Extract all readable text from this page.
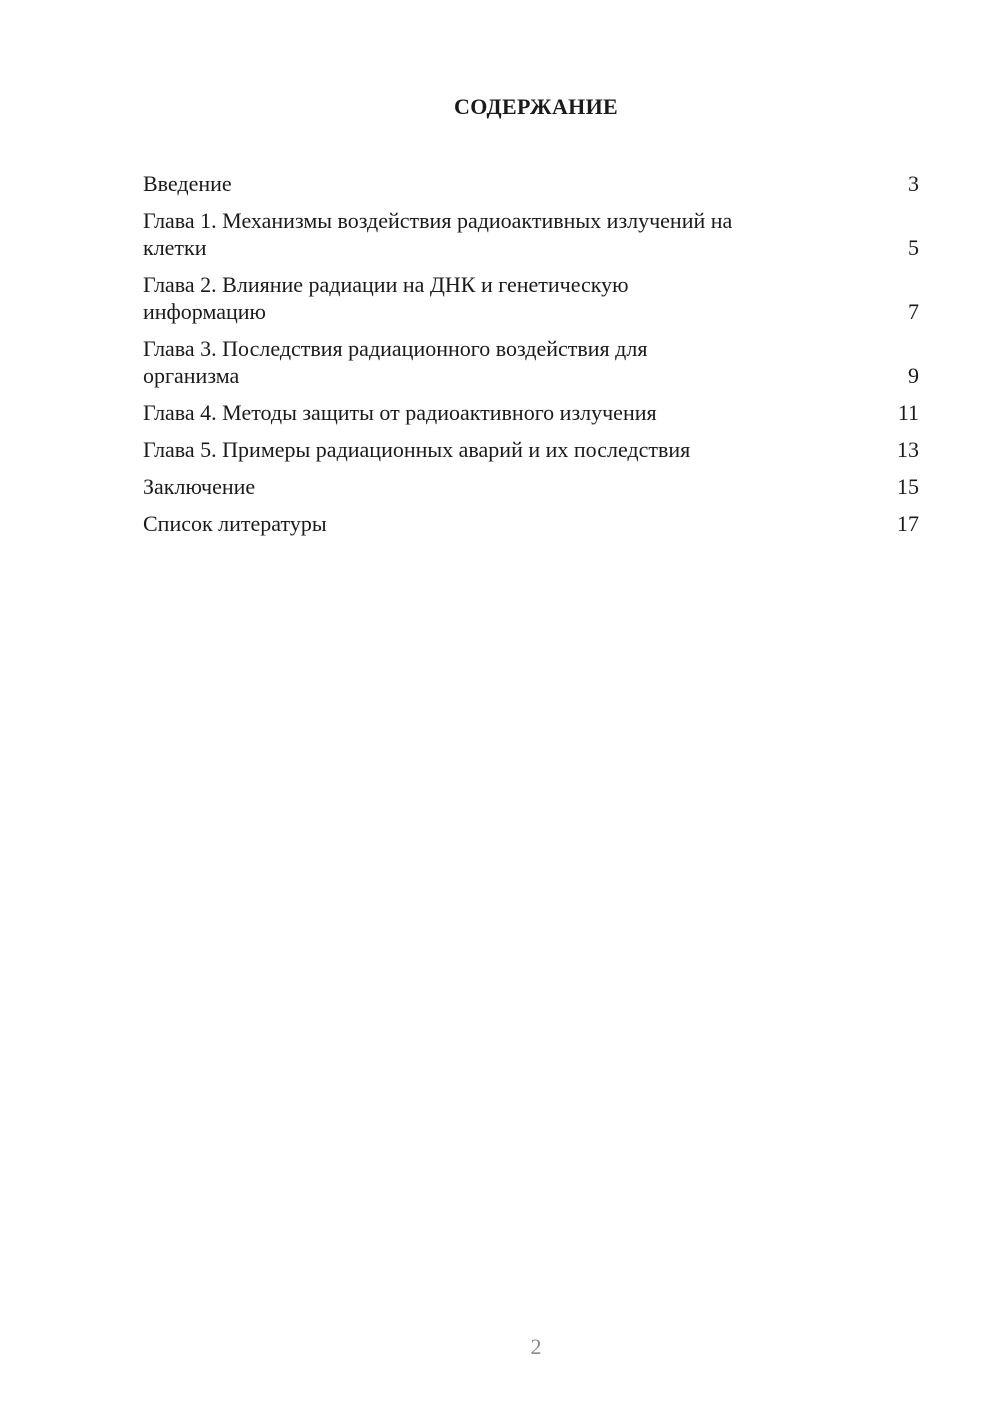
СОДЕРЖАНИЕ
Введение	3
Глава 1. Механизмы воздействия радиоактивных излучений на
клетки	5
Глава 2. Влияние радиации на ДНК и генетическую
информацию	7
Глава 3. Последствия радиационного воздействия для
организма	9
Глава 4. Методы защиты от радиоактивного излучения	11
Глава 5. Примеры радиационных аварий и их последствия	13
Заключение	15
Список литературы	17
2
